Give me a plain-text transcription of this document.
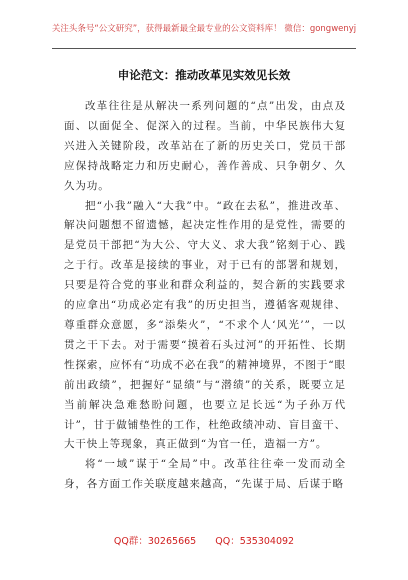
关注头条号“公文研究”，获得最新最全最专业的公文资料库！ 微信：gongwenyj
申论范文：推动改革见实效见长效

改革往往是从解决一系列问题的“点”出发，由点及面、以面促全、促深入的过程。当前，中华民族伟大复兴进入关键阶段，改革站在了新的历史关口，党员干部应保持战略定力和历史耐心，善作善成、只争朝夕、久久为功。

把“小我”融入“大我”中。“政在去私”，推进改革、解决问题想不留遗憾，起决定性作用的是党性，需要的是党员干部把“为大公、守大义、求大我”铭刻于心、践之于行。改革是接续的事业，对于已有的部署和规划，只要是符合党的事业和群众利益的，契合新的实践要求的应拿出“功成必定有我”的历史担当，遵循客观规律、尊重群众意愿，多“添柴火”，“不求个人‘风光’”，一以贯之干下去。对于需要“摸着石头过河”的开拓性、长期性探索，应怀有“功成不必在我”的精神境界，不图于“眼前出政绩”，把握好“显绩”与“潜绩”的关系，既要立足当前解决急难愁盼问题，也要立足长远“为子孙万代计”，甘于做铺垫性的工作，杜绝政绩冲动、盲目蛮干、大干快上等现象，真正做到“为官一任，造福一方”。

将“一域”谋于“全局”中。改革往往牵一发而动全身，各方面工作关联度越来越高，“先谋于局、后谋于略

QQ群：30265665 QQ：535304092
